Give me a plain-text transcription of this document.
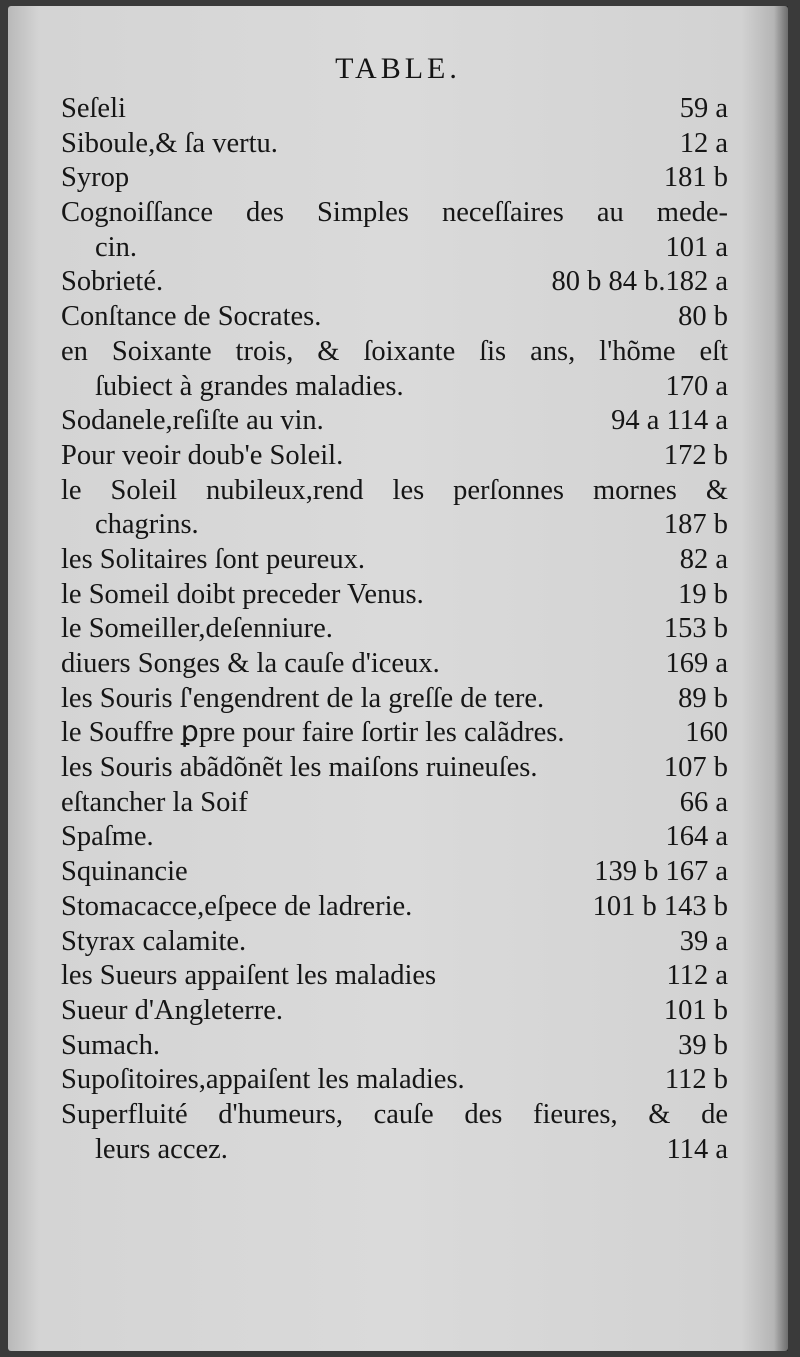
TABLE.
Seſeli	59 a
Siboule,& ſa vertu.	12 a
Syrop	181 b
Cognoiſſance des Simples neceſſaires au mede-
cin.	101 a
Sobrieté.	80 b 84 b.182 a
Conſtance de Socrates.	80 b
en Soixante trois, & ſoixante ſis ans, l'hõme eſt
ſubiect à grandes maladies.	170 a
Sodanele,reſiſte au vin.	94 a 114 a
Pour veoir doub'e Soleil.	172 b
le Soleil nubileux,rend les perſonnes mornes &
chagrins.	187 b
les Solitaires ſont peureux.	82 a
le Someil doibt preceder Venus.	19 b
le Someiller,deſenniure.	153 b
diuers Songes & la cauſe d'iceux.	169 a
les Souris ſ'engendrent de la greſſe de tere.	89 b
le Souffre ꝑpre pour faire ſortir les calãdres.	160
les Souris abãdõnẽt les maiſons ruineuſes.	107 b
eſtancher la Soif	66 a
Spaſme.	164 a
Squinancie	139 b 167 a
Stomacacce,eſpece de ladrerie.	101 b 143 b
Styrax calamite.	39 a
les Sueurs appaiſent les maladies	112 a
Sueur d'Angleterre.	101 b
Sumach.	39 b
Supoſitoires,appaiſent les maladies.	112 b
Superfluité d'humeurs, cauſe des fieures, & de
leurs accez.	114 a
